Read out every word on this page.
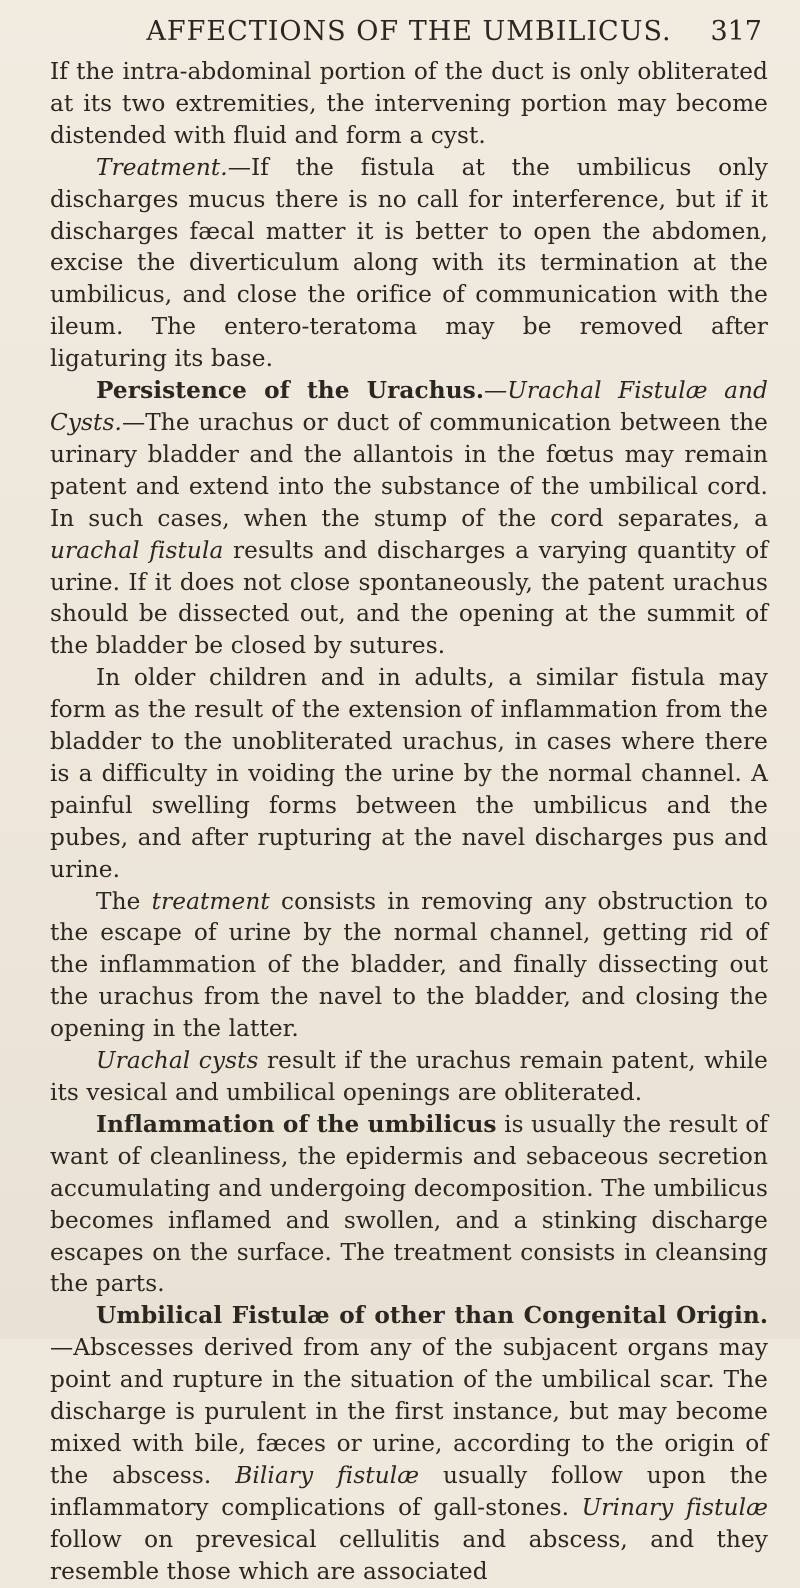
AFFECTIONS OF THE UMBILICUS.	317

If the intra-abdominal portion of the duct is only obliterated at its two extremities, the intervening portion may become distended with fluid and form a cyst.

Treatment.—If the fistula at the umbilicus only discharges mucus there is no call for interference, but if it discharges fæcal matter it is better to open the abdomen, excise the diverticulum along with its termination at the umbilicus, and close the orifice of communication with the ileum. The entero-teratoma may be removed after ligaturing its base.

Persistence of the Urachus.—Urachal Fistulæ and Cysts.—The urachus or duct of communication between the urinary bladder and the allantois in the fœtus may remain patent and extend into the substance of the umbilical cord. In such cases, when the stump of the cord separates, a urachal fistula results and discharges a varying quantity of urine. If it does not close spontaneously, the patent urachus should be dissected out, and the opening at the summit of the bladder be closed by sutures.

In older children and in adults, a similar fistula may form as the result of the extension of inflammation from the bladder to the unobliterated urachus, in cases where there is a difficulty in voiding the urine by the normal channel. A painful swelling forms between the umbilicus and the pubes, and after rupturing at the navel discharges pus and urine.

The treatment consists in removing any obstruction to the escape of urine by the normal channel, getting rid of the inflammation of the bladder, and finally dissecting out the urachus from the navel to the bladder, and closing the opening in the latter.

Urachal cysts result if the urachus remain patent, while its vesical and umbilical openings are obliterated.

Inflammation of the umbilicus is usually the result of want of cleanliness, the epidermis and sebaceous secretion accumulating and undergoing decomposition. The umbilicus becomes inflamed and swollen, and a stinking discharge escapes on the surface. The treatment consists in cleansing the parts.

Umbilical Fistulæ of other than Congenital Origin.—Abscesses derived from any of the subjacent organs may point and rupture in the situation of the umbilical scar. The discharge is purulent in the first instance, but may become mixed with bile, fæces or urine, according to the origin of the abscess. Biliary fistulæ usually follow upon the inflammatory complications of gall-stones. Urinary fistulæ follow on prevesical cellulitis and abscess, and they resemble those which are associated
